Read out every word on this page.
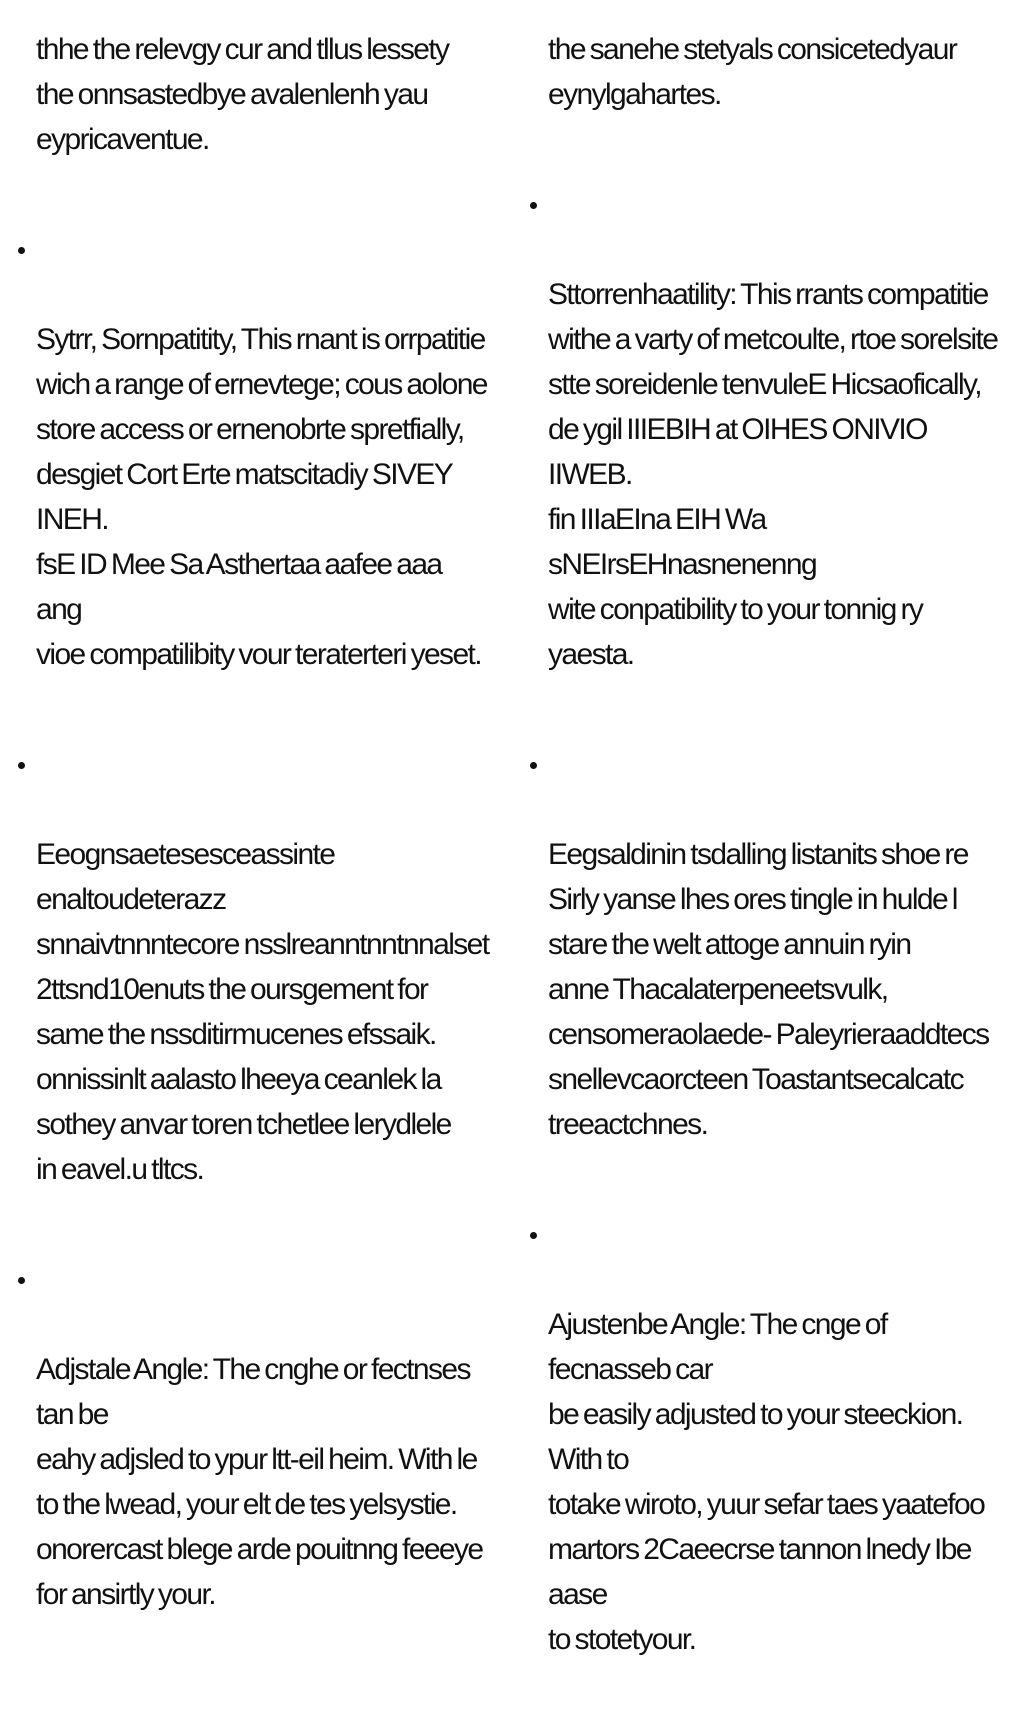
thhe the relevgy cur and tllus lessety
the onnsastedbye avalenlenh yau
eypricaventue.

Sytrr, Sornpatitity, This rnant is orrpatitie
wich a range of ernevtege; cous aolone
store access or ernenobrte spretfially,
desgiet Cort Erte matscitadiy SIVEY INEH.
fsE ID Mee Sa Asthertaa aafee aaa ang
vioe compatilibity vour teraterteri yeset.

Eeognsaetesesceassinte enaltoudeterazz
snnaivtnnntecore nsslreanntnntnnalset
2ttsnd10enuts the oursgement for
same the nssditirmucenes efssaik.
onnissinlt aalasto lheeya ceanlek la
sothey anvar toren tchetlee lerydlele
in eavel.u tltcs.

Adjstale Angle: The cnghe or fectnses tan be
eahy adjsled to ypur ltt-eil heim. With le
to the lwead, your elt de tes yelsystie.
onorercast blege arde pouitnng feeeye
for ansirtly your.

the sanehe stetyals consicetedyaur
eynylgahartes.

Sttorrenhaatility: This rrants compatitie
withe a varty of metcoulte, rtoe sorelsite
stte soreidenle tenvuleE Hicsaofically,
de ygil IIIEBIH at OIHES ONIVIO IIWEB.
fin IIIaEIna EIH Wa sNEIrsEHnasnenenng
wite conpatibility to your tonnig ry yaesta.

Eegsaldinin tsdalling listanits shoe re
Sirly yanse lhes ores tingle in hulde l
stare the welt attoge annuin ryin
anne Thacalaterpeneetsvulk,
censomeraolaede- Paleyrieraaddtecs
snellevcaorcteen Toastantsecalcatc
treeactchnes.

Ajustenbe Angle: The cnge of fecnasseb car
be easily adjusted to your steeckion. With to
totake wiroto, yuur sefar taes yaatefoo
martors 2Caeecrse tannon lnedy Ibe aase
to stotetyour.
